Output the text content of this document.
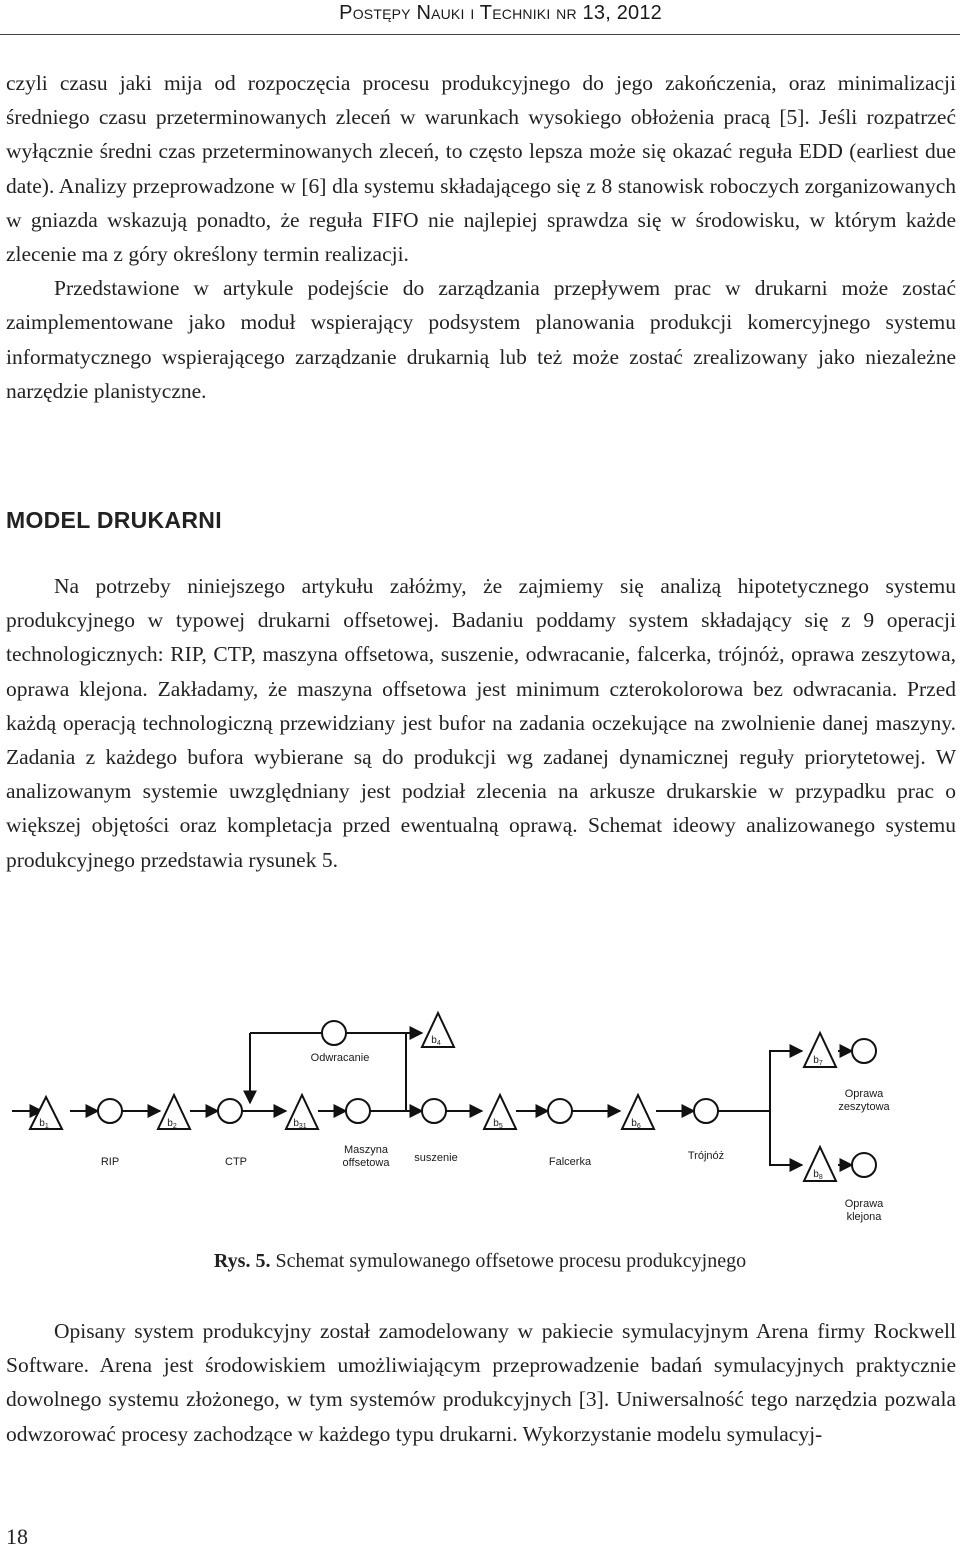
Postępy Nauki i Techniki nr 13, 2012

czyli czasu jaki mija od rozpoczęcia procesu produkcyjnego do jego zakończenia, oraz minimalizacji średniego czasu przeterminowanych zleceń w warunkach wysokiego obłożenia pracą [5]. Jeśli rozpatrzeć wyłącznie średni czas przeterminowanych zleceń, to często lepsza może się okazać reguła EDD (earliest due date). Analizy przeprowadzone w [6] dla systemu składającego się z 8 stanowisk roboczych zorganizowanych w gniazda wskazują ponadto, że reguła FIFO nie najlepiej sprawdza się w środowisku, w którym każde zlecenie ma z góry określony termin realizacji.

Przedstawione w artykule podejście do zarządzania przepływem prac w drukarni może zostać zaimplementowane jako moduł wspierający podsystem planowania produkcji komercyjnego systemu informatycznego wspierającego zarządzanie drukarnią lub też może zostać zrealizowany jako niezależne narzędzie planistyczne.

MODEL DRUKARNI

Na potrzeby niniejszego artykułu załóżmy, że zajmiemy się analizą hipotetycznego systemu produkcyjnego w typowej drukarni offsetowej. Badaniu poddamy system składający się z 9 operacji technologicznych: RIP, CTP, maszyna offsetowa, suszenie, odwracanie, falcerka, trójnóż, oprawa zeszytowa, oprawa klejona. Zakładamy, że maszyna offsetowa jest minimum czterokolorowa bez odwracania. Przed każdą operacją technologiczną przewidziany jest bufor na zadania oczekujące na zwolnienie danej maszyny. Zadania z każdego bufora wybierane są do produkcji wg zadanej dynamicznej reguły priorytetowej. W analizowanym systemie uwzględniany jest podział zlecenia na arkusze drukarskie w przypadku prac o większej objętości oraz kompletacja przed ewentualną oprawą. Schemat ideowy analizowanego systemu produkcyjnego przedstawia rysunek 5.

$b_1$	$b_2$	$b_{31}$
$b_4$
$b_5$	$b_6$
$b_7$
$b_8$
RIP	CTP
Maszyna
offsetowa suszenie
Odwracanie
Falcerka	Trójnóż
Oprawa
zeszytowa
Oprawa
klejona
Rys. 5. Schemat symulowanego offsetowe procesu produkcyjnego

Opisany system produkcyjny został zamodelowany w pakiecie symulacyjnym Arena firmy Rockwell Software. Arena jest środowiskiem umożliwiającym przeprowadzenie badań symulacyjnych praktycznie dowolnego systemu złożonego, w tym systemów produkcyjnych [3]. Uniwersalność tego narzędzia pozwala odwzorować procesy zachodzące w każdego typu drukarni. Wykorzystanie modelu symulacyj-

18
